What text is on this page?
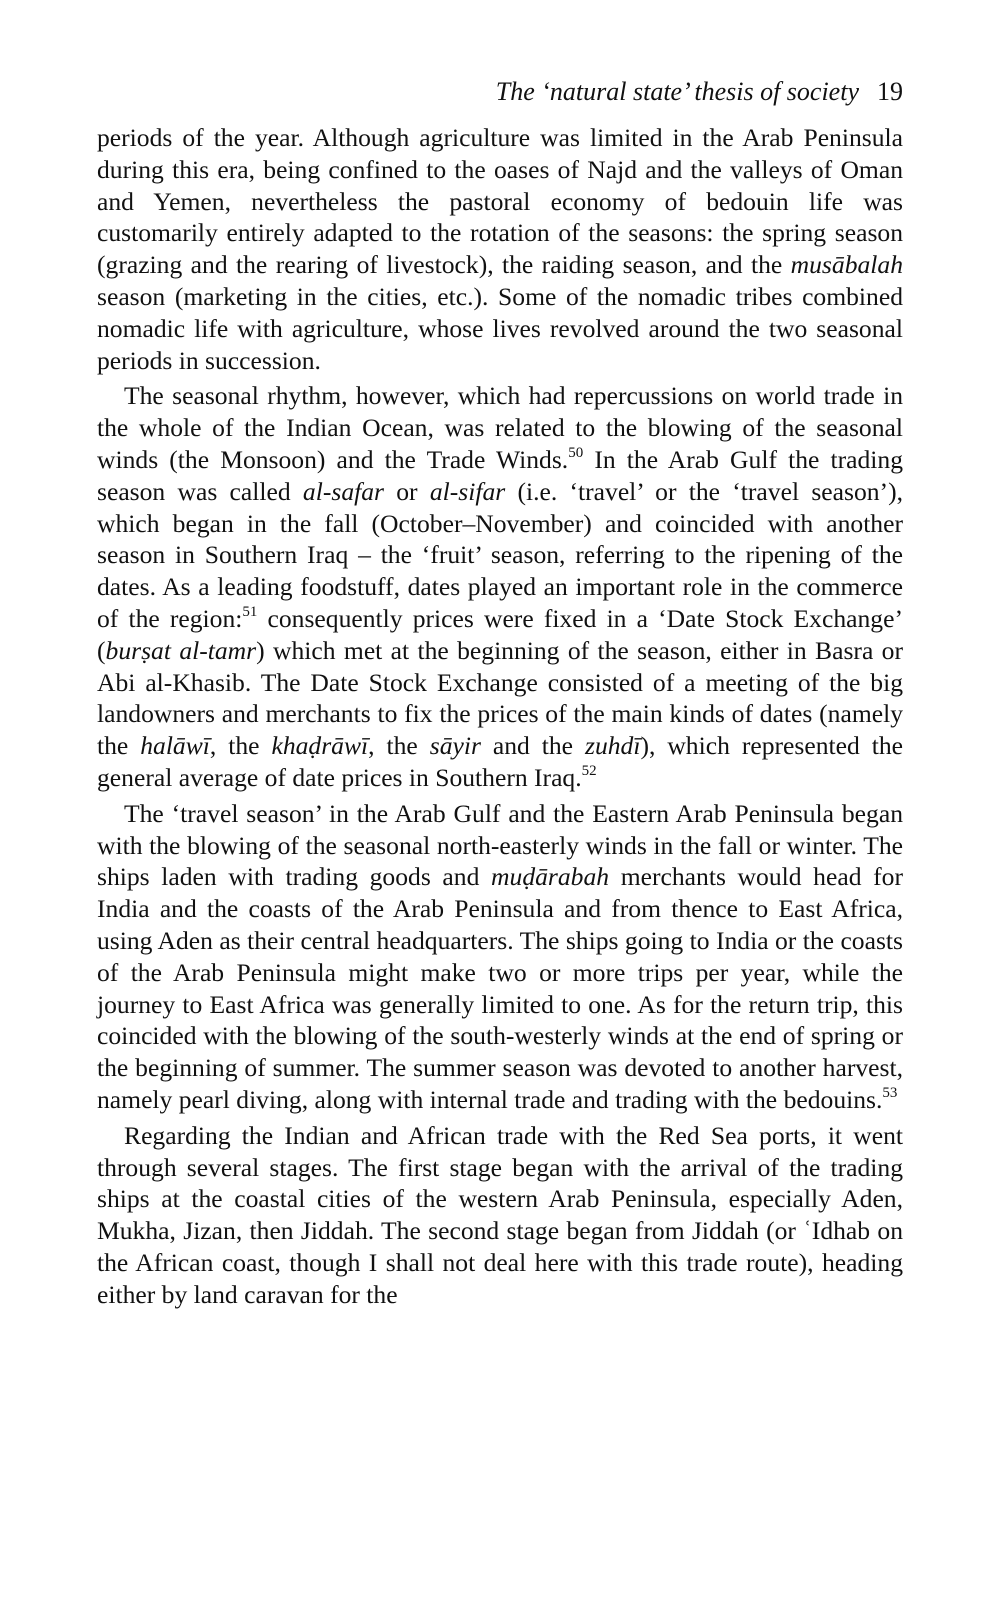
The ‘natural state’ thesis of society 19

periods of the year. Although agriculture was limited in the Arab Peninsula during this era, being confined to the oases of Najd and the valleys of Oman and Yemen, nevertheless the pastoral economy of bedouin life was customarily entirely adapted to the rotation of the seasons: the spring season (grazing and the rearing of livestock), the raiding season, and the musābalah season (marketing in the cities, etc.). Some of the nomadic tribes combined nomadic life with agriculture, whose lives revolved around the two seasonal periods in succession.

The seasonal rhythm, however, which had repercussions on world trade in the whole of the Indian Ocean, was related to the blowing of the seasonal winds (the Monsoon) and the Trade Winds.$^{50}$ In the Arab Gulf the trading season was called al-safar or al-sifar (i.e. ‘travel’ or the ‘travel season’), which began in the fall (October–November) and coincided with another season in Southern Iraq – the ‘fruit’ season, referring to the ripening of the dates. As a leading foodstuff, dates played an important role in the commerce of the region:$^{51}$ consequently prices were fixed in a ‘Date Stock Exchange’ (burṣat al-tamr) which met at the beginning of the season, either in Basra or Abi al-Khasib. The Date Stock Exchange consisted of a meeting of the big landowners and merchants to fix the prices of the main kinds of dates (namely the halāwī, the khaḍrāwī, the sāyir and the zuhdī), which represented the general average of date prices in Southern Iraq.$^{52}$

The ‘travel season’ in the Arab Gulf and the Eastern Arab Peninsula began with the blowing of the seasonal north-easterly winds in the fall or winter. The ships laden with trading goods and muḍārabah merchants would head for India and the coasts of the Arab Peninsula and from thence to East Africa, using Aden as their central headquarters. The ships going to India or the coasts of the Arab Peninsula might make two or more trips per year, while the journey to East Africa was generally limited to one. As for the return trip, this coincided with the blowing of the south-westerly winds at the end of spring or the beginning of summer. The summer season was devoted to another harvest, namely pearl diving, along with internal trade and trading with the bedouins.$^{53}$

Regarding the Indian and African trade with the Red Sea ports, it went through several stages. The first stage began with the arrival of the trading ships at the coastal cities of the western Arab Peninsula, especially Aden, Mukha, Jizan, then Jiddah. The second stage began from Jiddah (or ʿIdhab on the African coast, though I shall not deal here with this trade route), heading either by land caravan for the
